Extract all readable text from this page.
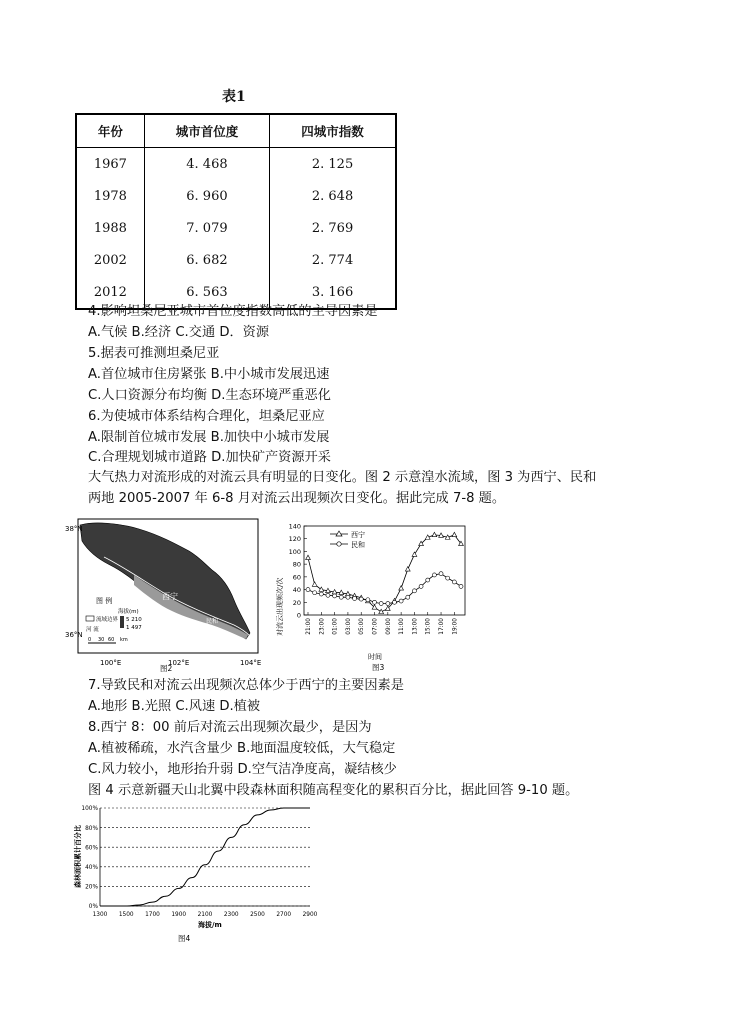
表1
年份	城市首位度	四城市指数
1967	4. 468	2. 125
1978	6. 960	2. 648
1988	7. 079	2. 769
2002	6. 682	2. 774
2012	6. 563	3. 166
4.影响坦桑尼亚城市首位度指数高低的主导因素是
A.气候 B.经济 C.交通 D．资源
5.据表可推测坦桑尼亚
A.首位城市住房紧张 B.中小城市发展迅速
C.人口资源分布均衡 D.生态环境严重恶化
6.为使城市体系结构合理化，坦桑尼亚应
A.限制首位城市发展 B.加快中小城市发展
C.合理规划城市道路 D.加快矿产资源开采
大气热力对流形成的对流云具有明显的日变化。图 2 示意湟水流域，图 3 为西宁、民和
两地 2005-2007 年 6-8 月对流云出现频次日变化。据此完成 7-8 题。
38°N
36°N
100°E	102°E	104°E
图 例
海拔(m)
流域边界 5 210
1 497
河 流
0 30 60 km
西宁
民和
图2
0
20
40
60
80
100
120
140
21:00 23:00 01:00 03:00 05:00 07:00 09:00 11:00 13:00 15:00 17:00 19:00
对流云出现频次/次
时间
图3
西宁
民和
7.导致民和对流云出现频次总体少于西宁的主要因素是
A.地形 B.光照 C.风速 D.植被
8.西宁 8：00 前后对流云出现频次最少，是因为
A.植被稀疏，水汽含量少 B.地面温度较低，大气稳定
C.风力较小，地形抬升弱 D.空气洁净度高，凝结核少
图 4 示意新疆天山北翼中段森林面积随高程变化的累积百分比，据此回答 9-10 题。
0%
20%
40%
60%
80%
100%
1300 1500 1700 1900 2100 2300 2500 2700 2900
森林面积累计百分比
海拔/m
图4
